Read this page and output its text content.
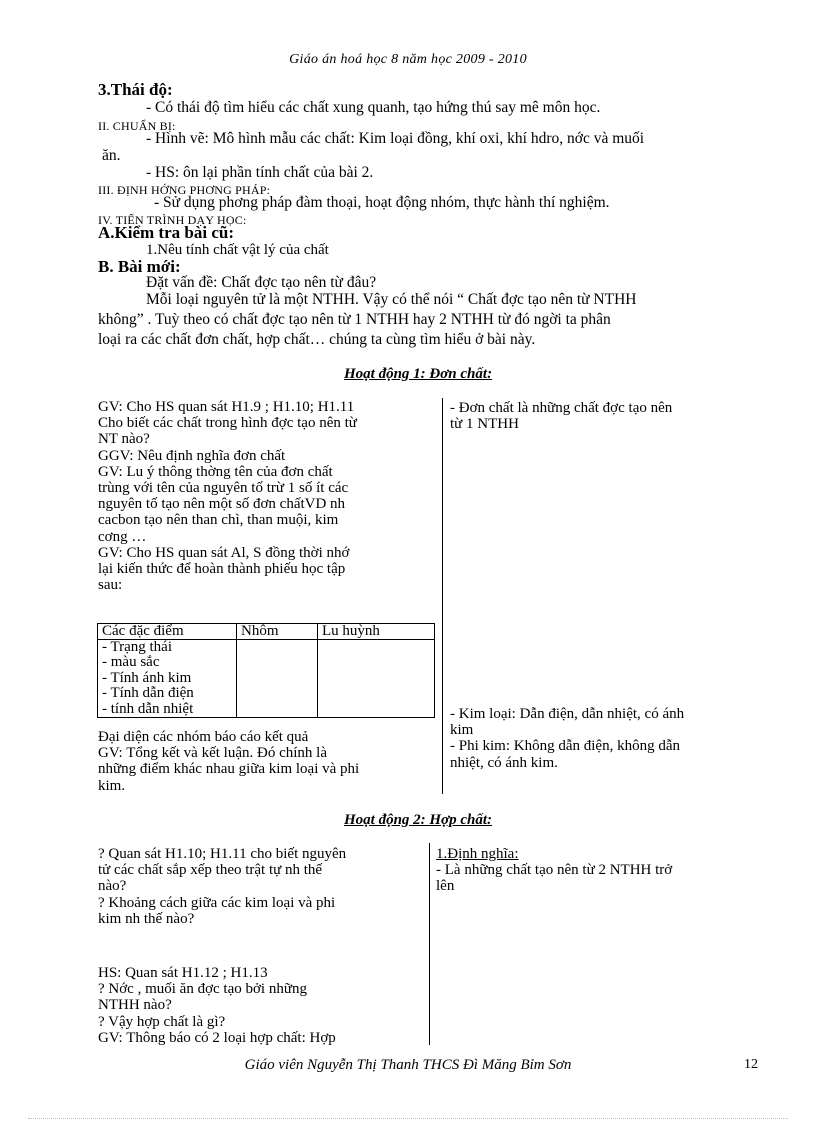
Giáo án hoá học 8 năm học 2009 - 2010
3.Thái độ:
- Có thái độ tìm hiểu các chất xung quanh, tạo hứng thú say mê môn học.
II. CHUẨN BỊ:
- Hình vẽ: Mô hình mẫu các chất: Kim loại đồng, khí oxi, khí hdro, nớc và muối
ăn.
- HS: ôn lại phần tính chất của bài 2.
III. ĐỊNH HỚNG PHƠNG PHÁP:
- Sử dụng phơng pháp đàm thoại, hoạt động nhóm, thực hành thí nghiệm.
IV. TIẾN TRÌNH DẠY HỌC:
A.Kiểm tra bài cũ:
1.Nêu tính chất vật lý của chất
B. Bài mới:
Đặt vấn đề: Chất đợc tạo nên từ đâu?
Mỗi loại nguyên tử là một NTHH. Vậy có thể nói “ Chất đợc tạo nên từ NTHH
không” . Tuỳ theo có chất đợc tạo nên từ 1 NTHH hay 2 NTHH từ đó ngời ta phân
loại ra các chất đơn chất, hợp chất… chúng ta cùng tìm hiểu ở bài này.
Hoạt động 1: Đơn chất:

GV: Cho HS quan sát H1.9 ; H1.10; H1.11

Cho biết các chất trong hình đợc tạo nên từ

NT nào?

GGV: Nêu định nghĩa đơn chất

GV: Lu ý thông thờng tên của đơn chất

trùng với tên của nguyên tố trừ 1 số ít các

nguyên tố tạo nên một số đơn chấtVD nh

cacbon tạo nên than chì, than muội, kim

cơng …

GV: Cho HS quan sát Al, S đồng thời nhớ

lại kiến thức để hoàn thành phiếu học tập

sau:

Các đặc điểm	Nhôm	Lu huỳnh

- Trạng thái
- màu sắc
- Tính ánh kim
- Tính dẫn điện
- tính dẫn nhiệt		

Đại diện các nhóm báo cáo kết quả

GV: Tổng kết và kết luận. Đó chính là

những điểm khác nhau giữa kim loại và phi

kim.

- Đơn chất là những chất đợc tạo nên

từ 1 NTHH

- Kim loại: Dẫn điện, dẫn nhiệt, có ánh

kim

- Phi kim: Không dẫn điện, không dẫn

nhiệt, có ánh kim.

Hoạt động 2: Hợp chất:

? Quan sát H1.10; H1.11 cho biết nguyên

tử các chất sắp xếp theo trật tự nh thế

nào?

? Khoảng cách giữa các kim loại và phi

kim nh thế nào?

HS: Quan sát H1.12 ; H1.13

? Nớc , muối ăn đợc tạo bởi những

NTHH nào?

? Vậy hợp chất là gì?

GV: Thông báo có 2 loại hợp chất: Hợp

1.Định nghĩa:

- Là những chất tạo nên từ 2 NTHH trở

lên

Giáo viên Nguyễn Thị Thanh THCS Đì Măng Bỉm Sơn	12
